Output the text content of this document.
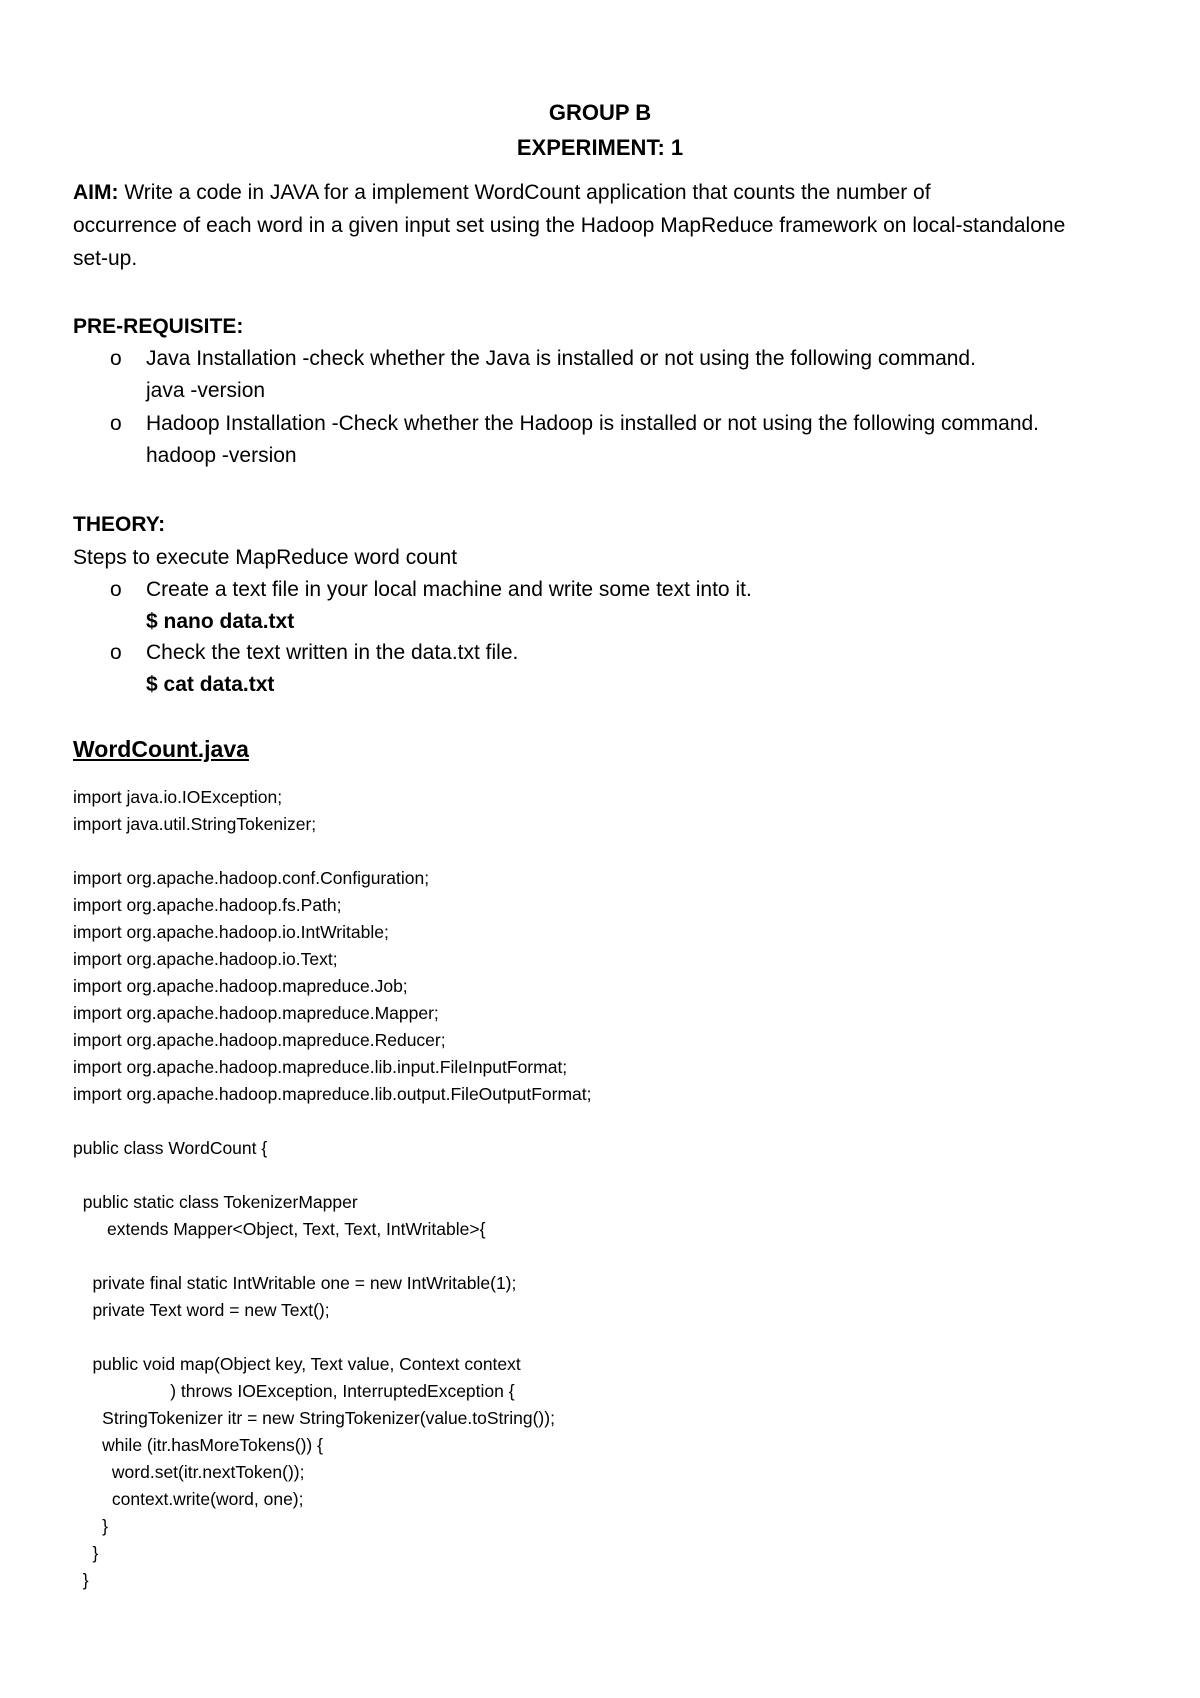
GROUP B
EXPERIMENT: 1
AIM: Write a code in JAVA for a implement WordCount application that counts the number of
occurrence of each word in a given input set using the Hadoop MapReduce framework on local-standalone
set-up.
PRE-REQUISITE:
o Java Installation -check whether the Java is installed or not using the following command.
java -version
o Hadoop Installation -Check whether the Hadoop is installed or not using the following command.
hadoop -version
THEORY:
Steps to execute MapReduce word count
o Create a text file in your local machine and write some text into it.
$ nano data.txt
o Check the text written in the data.txt file.
$ cat data.txt
WordCount.java
import java.io.IOException;
import java.util.StringTokenizer;

import org.apache.hadoop.conf.Configuration;
import org.apache.hadoop.fs.Path;
import org.apache.hadoop.io.IntWritable;
import org.apache.hadoop.io.Text;
import org.apache.hadoop.mapreduce.Job;
import org.apache.hadoop.mapreduce.Mapper;
import org.apache.hadoop.mapreduce.Reducer;
import org.apache.hadoop.mapreduce.lib.input.FileInputFormat;
import org.apache.hadoop.mapreduce.lib.output.FileOutputFormat;

public class WordCount {

public static class TokenizerMapper
extends Mapper<Object, Text, Text, IntWritable>{

private final static IntWritable one = new IntWritable(1);
private Text word = new Text();

public void map(Object key, Text value, Context context
) throws IOException, InterruptedException {
StringTokenizer itr = new StringTokenizer(value.toString());
while (itr.hasMoreTokens()) {
word.set(itr.nextToken());
context.write(word, one);
}
}
}
